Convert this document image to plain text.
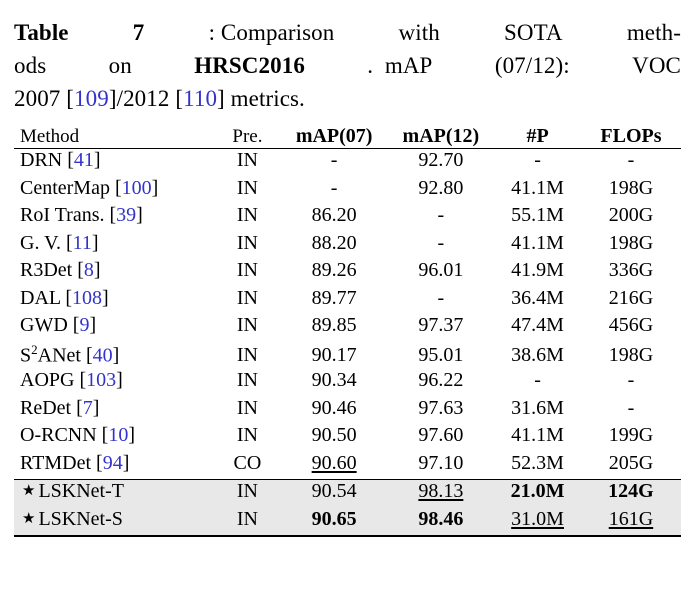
Table	7	: Comparison	with	SOTA	meth-
ods	on	HRSC2016	.  mAP	(07/12):	VOC
2007 [109]/2012 [110] metrics.
Method	Pre.	mAP(07)	mAP(12)	#P	FLOPs
DRN [41]	IN	-	92.70	-	-
CenterMap [100]	IN	-	92.80	41.1M	198G
RoI Trans. [39]	IN	86.20	-	55.1M	200G
G. V. [11]	IN	88.20	-	41.1M	198G
R3Det [8]	IN	89.26	96.01	41.9M	336G
DAL [108]	IN	89.77	-	36.4M	216G
GWD [9]	IN	89.85	97.37	47.4M	456G
$S^2ANet$ [40]	IN	90.17	95.01	38.6M	198G
AOPG [103]	IN	90.34	96.22	-	-
ReDet [7]	IN	90.46	97.63	31.6M	-
O-RCNN [10]	IN	90.50	97.60	41.1M	199G
RTMDet [94]	CO	90.60	97.10	52.3M	205G
★ LSKNet-T	IN	90.54	98.13	21.0M	124G
★ LSKNet-S	IN	90.65	98.46	31.0M	161G
